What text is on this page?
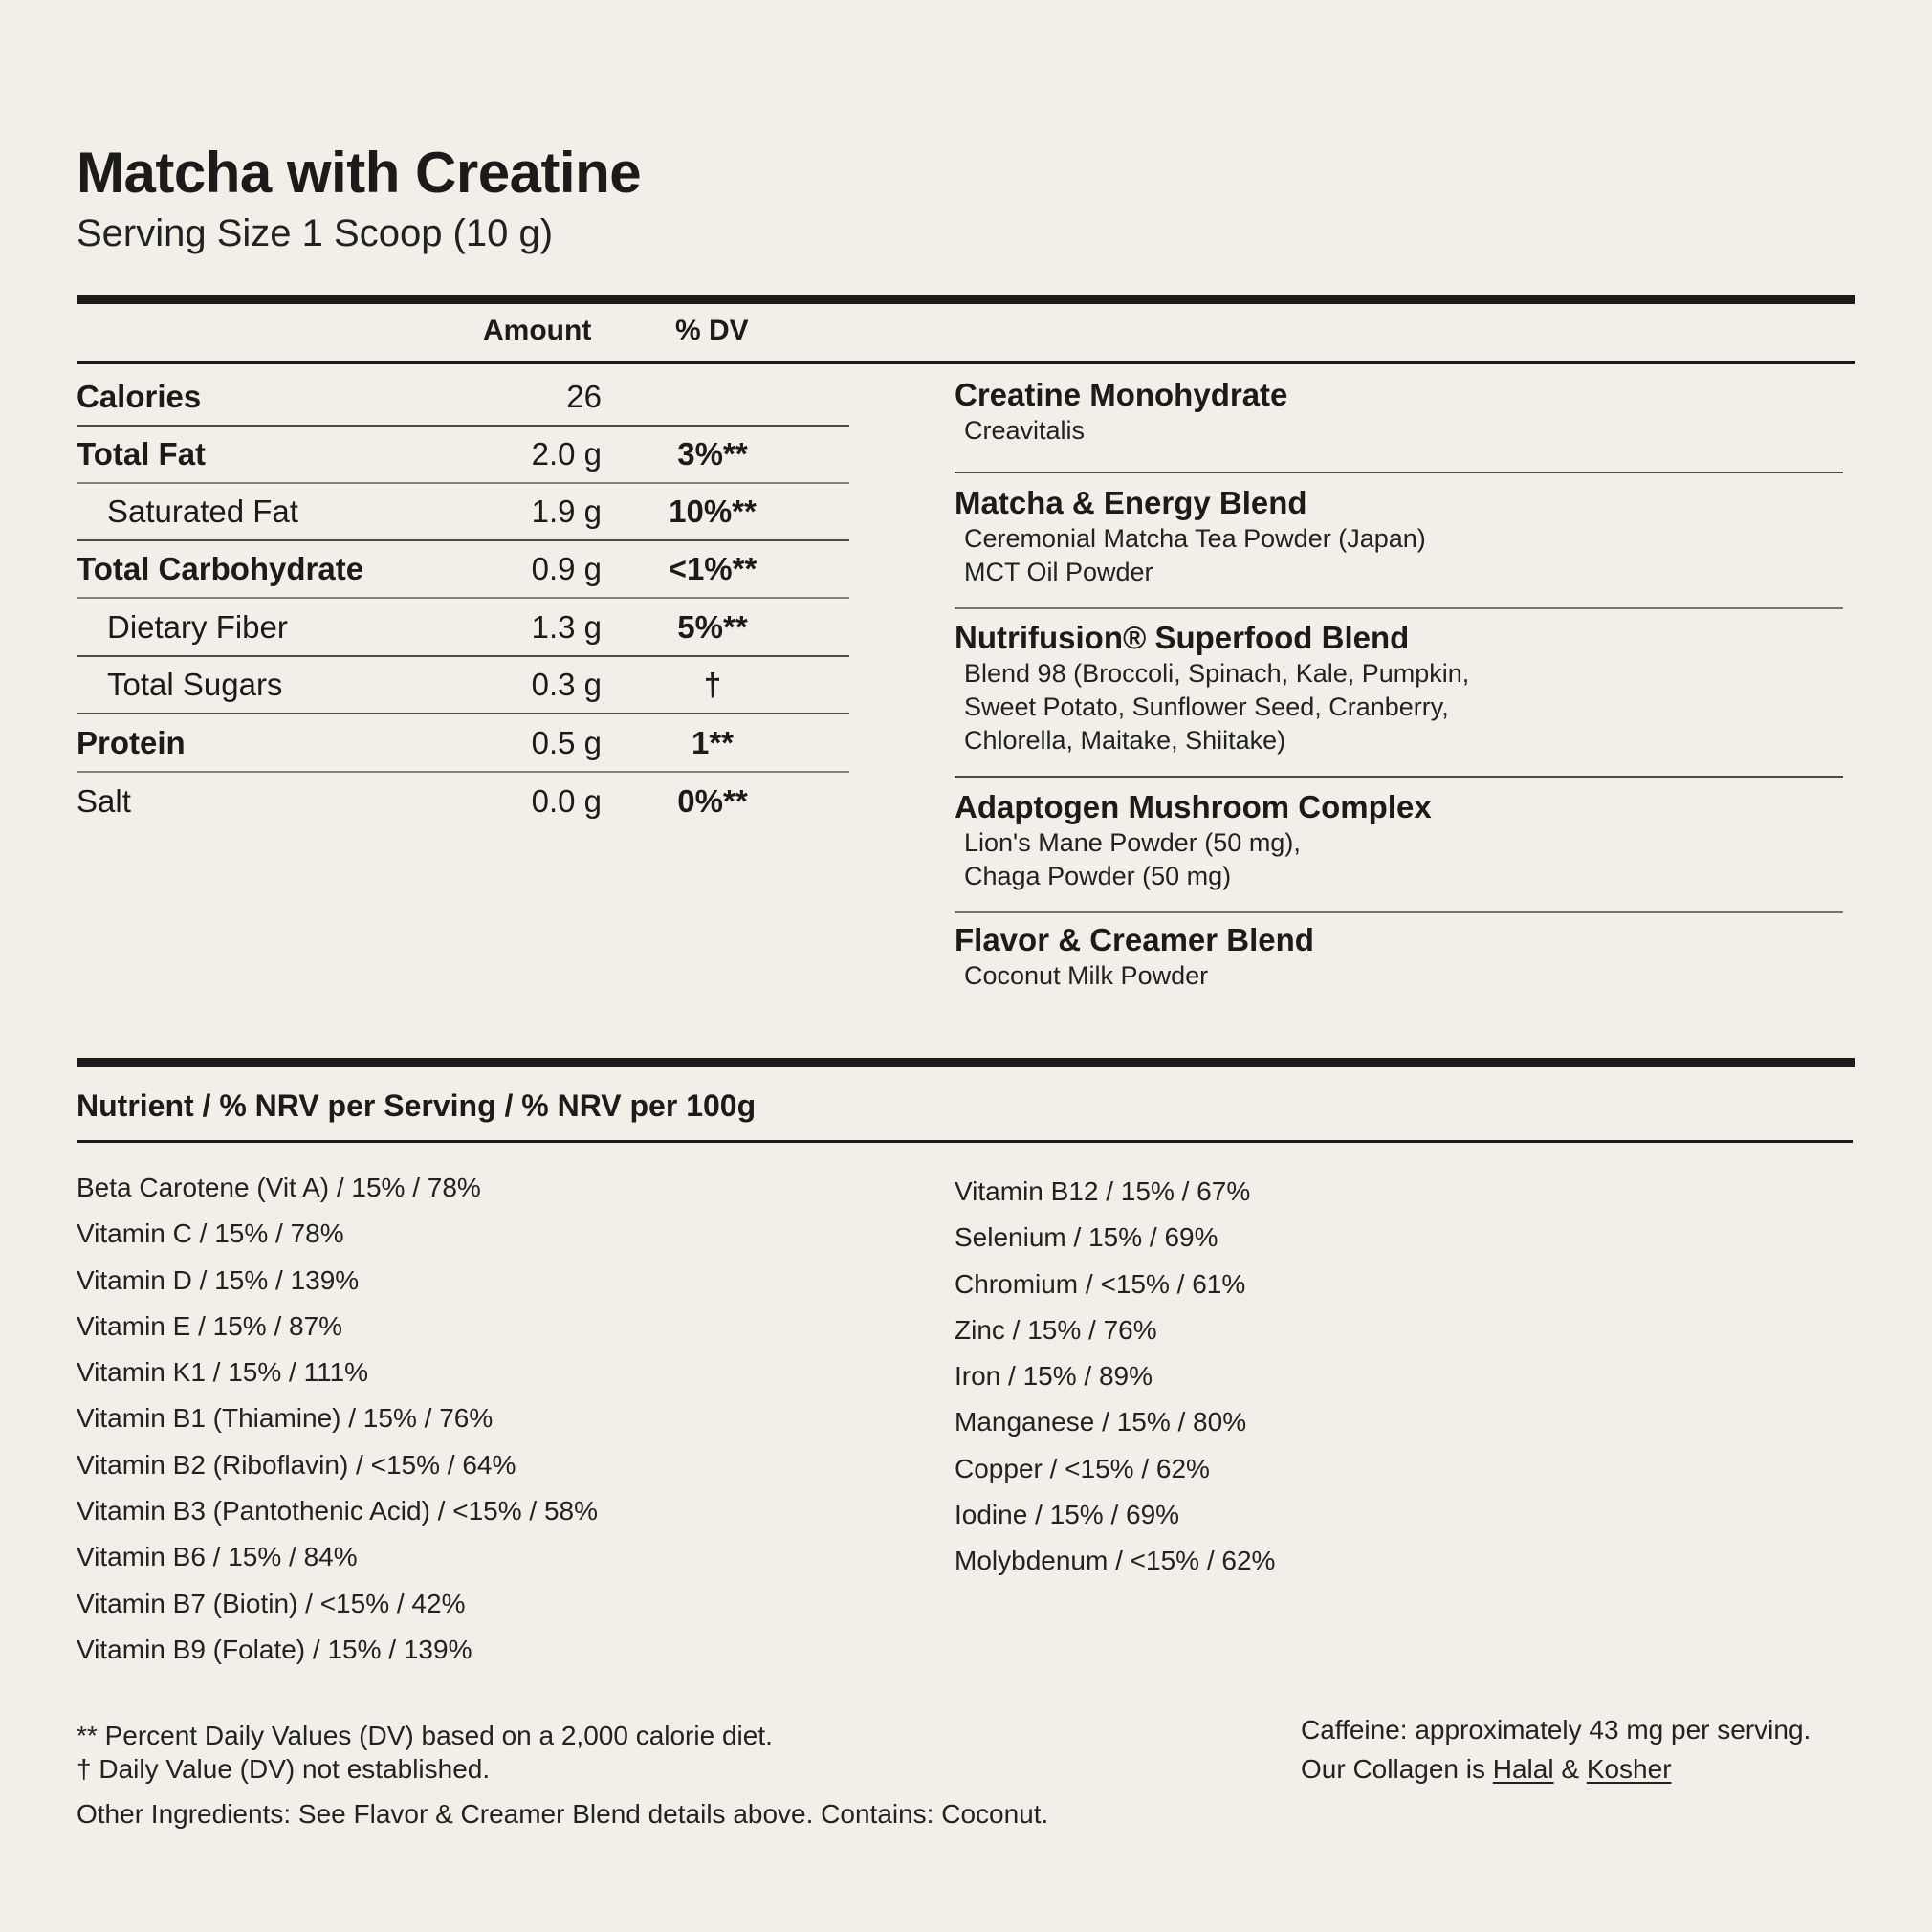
Matcha with Creatine
Serving Size 1 Scoop (10 g)
Amount	% DV
Calories	26
Total Fat	2.0 g	3%**
Saturated Fat	1.9 g 10%**
Total Carbohydrate	0.9 g <1%**
Dietary Fiber	1.3 g	5%**
Total Sugars	0.3 g	†
Protein	0.5 g	1**
Salt	0.0 g	0%**
Creatine Monohydrate
Creavitalis
Matcha & Energy Blend
Ceremonial Matcha Tea Powder (Japan)
MCT Oil Powder
Nutrifusion® Superfood Blend
Blend 98 (Broccoli, Spinach, Kale, Pumpkin,
Sweet Potato, Sunflower Seed, Cranberry,
Chlorella, Maitake, Shiitake)
Adaptogen Mushroom Complex
Lion's Mane Powder (50 mg),
Chaga Powder (50 mg)
Flavor & Creamer Blend
Coconut Milk Powder
Nutrient / % NRV per Serving / % NRV per 100g
Beta Carotene (Vit A) / 15% / 78%
Vitamin C / 15% / 78%
Vitamin D / 15% / 139%
Vitamin E / 15% / 87%
Vitamin K1 / 15% / 111%
Vitamin B1 (Thiamine) / 15% / 76%
Vitamin B2 (Riboflavin) / <15% / 64%
Vitamin B3 (Pantothenic Acid) / <15% / 58%
Vitamin B6 / 15% / 84%
Vitamin B7 (Biotin) / <15% / 42%
Vitamin B9 (Folate) / 15% / 139%
Vitamin B12 / 15% / 67%
Selenium / 15% / 69%
Chromium / <15% / 61%
Zinc / 15% / 76%
Iron / 15% / 89%
Manganese / 15% / 80%
Copper / <15% / 62%
Iodine / 15% / 69%
Molybdenum / <15% / 62%
** Percent Daily Values (DV) based on a 2,000 calorie diet.
† Daily Value (DV) not established.
Other Ingredients: See Flavor & Creamer Blend details above. Contains: Coconut.
Caffeine: approximately 43 mg per serving.
Our Collagen is Halal & Kosher
